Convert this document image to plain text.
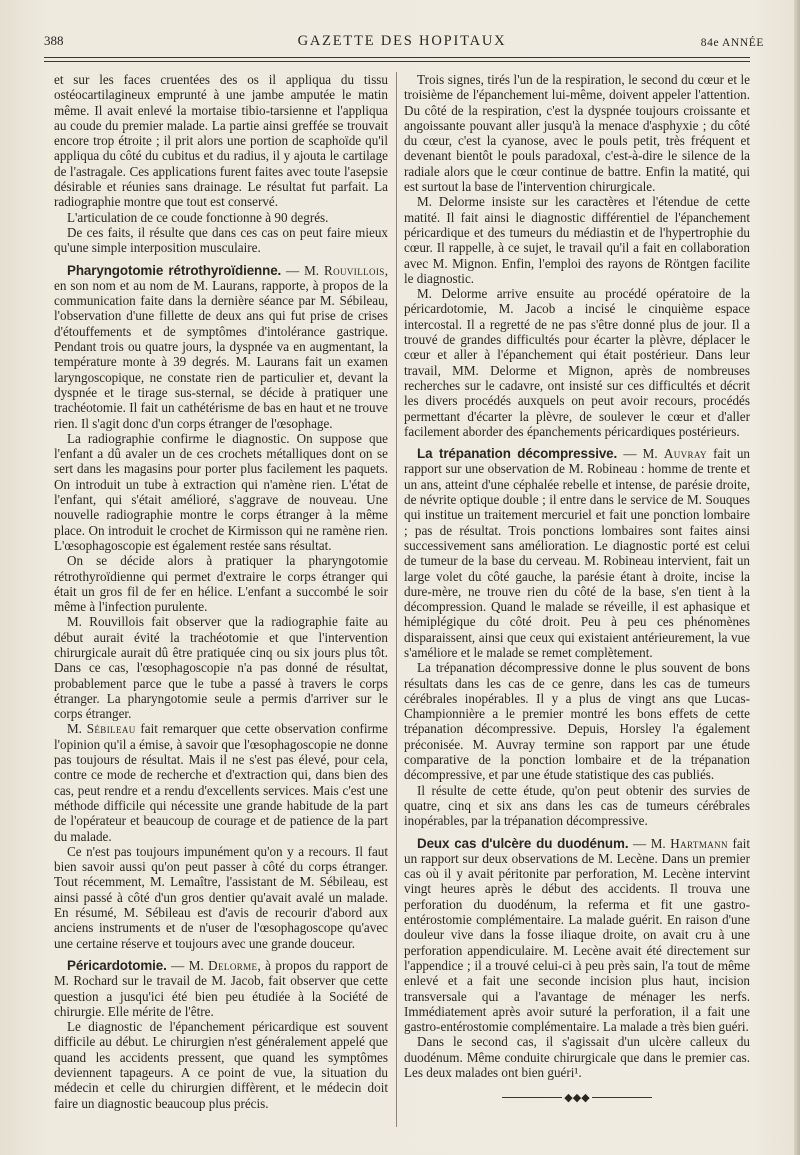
388	GAZETTE DES HOPITAUX	84e ANNÉE

et sur les faces cruentées des os il appliqua du tissu ostéocartilagineux emprunté à une jambe amputée le matin même. Il avait enlevé la mortaise tibio-tarsienne et l'appliqua au coude du premier malade. La partie ainsi greffée se trouvait encore trop étroite ; il prit alors une portion de scaphoïde qu'il appliqua du côté du cubitus et du radius, il y ajouta le cartilage de l'astragale. Ces applications furent faites avec toute l'asepsie désirable et réunies sans drainage. Le résultat fut parfait. La radiographie montre que tout est conservé.

L'articulation de ce coude fonctionne à 90 degrés.

De ces faits, il résulte que dans ces cas on peut faire mieux qu'une simple interposition musculaire.

Pharyngotomie rétrothyroïdienne. — M. Rouvillois, en son nom et au nom de M. Laurans, rapporte, à propos de la communication faite dans la dernière séance par M. Sébileau, l'observation d'une fillette de deux ans qui fut prise de crises d'étouffements et de symptômes d'intolérance gastrique. Pendant trois ou quatre jours, la dyspnée va en augmentant, la température monte à 39 degrés. M. Laurans fait un examen laryngoscopique, ne constate rien de particulier et, devant la dyspnée et le tirage sus-sternal, se décide à pratiquer une trachéotomie. Il fait un cathétérisme de bas en haut et ne trouve rien. Il s'agit donc d'un corps étranger de l'œsophage.

La radiographie confirme le diagnostic. On suppose que l'enfant a dû avaler un de ces crochets métalliques dont on se sert dans les magasins pour porter plus facilement les paquets. On introduit un tube à extraction qui n'amène rien. L'état de l'enfant, qui s'était amélioré, s'aggrave de nouveau. Une nouvelle radiographie montre le corps étranger à la même place. On introduit le crochet de Kirmisson qui ne ramène rien. L'œsophagoscopie est également restée sans résultat.

On se décide alors à pratiquer la pharyngotomie rétrothyroïdienne qui permet d'extraire le corps étranger qui était un gros fil de fer en hélice. L'enfant a succombé le soir même à l'infection purulente.

M. Rouvillois fait observer que la radiographie faite au début aurait évité la trachéotomie et que l'intervention chirurgicale aurait dû être pratiquée cinq ou six jours plus tôt. Dans ce cas, l'œsophagoscopie n'a pas donné de résultat, probablement parce que le tube a passé à travers le corps étranger. La pharyngotomie seule a permis d'arriver sur le corps étranger.

M. Sébileau fait remarquer que cette observation confirme l'opinion qu'il a émise, à savoir que l'œsophagoscopie ne donne pas toujours de résultat. Mais il ne s'est pas élevé, pour cela, contre ce mode de recherche et d'extraction qui, dans bien des cas, peut rendre et a rendu d'excellents services. Mais c'est une méthode difficile qui nécessite une grande habitude de la part de l'opérateur et beaucoup de courage et de patience de la part du malade.

Ce n'est pas toujours impunément qu'on y a recours. Il faut bien savoir aussi qu'on peut passer à côté du corps étranger. Tout récemment, M. Lemaître, l'assistant de M. Sébileau, est ainsi passé à côté d'un gros dentier qu'avait avalé un malade. En résumé, M. Sébileau est d'avis de recourir d'abord aux anciens instruments et de n'user de l'œsophagoscope qu'avec une certaine réserve et toujours avec une grande douceur.

Péricardotomie. — M. Delorme, à propos du rapport de M. Rochard sur le travail de M. Jacob, fait observer que cette question a jusqu'ici été bien peu étudiée à la Société de chirurgie. Elle mérite de l'être.

Le diagnostic de l'épanchement péricardique est souvent difficile au début. Le chirurgien n'est généralement appelé que quand les accidents pressent, que quand les symptômes deviennent tapageurs. A ce point de vue, la situation du médecin et celle du chirurgien diffèrent, et le médecin doit faire un diagnostic beaucoup plus précis.

Trois signes, tirés l'un de la respiration, le second du cœur et le troisième de l'épanchement lui-même, doivent appeler l'attention. Du côté de la respiration, c'est la dyspnée toujours croissante et angoissante pouvant aller jusqu'à la menace d'asphyxie ; du côté du cœur, c'est la cyanose, avec le pouls petit, très fréquent et devenant bientôt le pouls paradoxal, c'est-à-dire le silence de la radiale alors que le cœur continue de battre. Enfin la matité, qui est surtout la base de l'intervention chirurgicale.

M. Delorme insiste sur les caractères et l'étendue de cette matité. Il fait ainsi le diagnostic différentiel de l'épanchement péricardique et des tumeurs du médiastin et de l'hypertrophie du cœur. Il rappelle, à ce sujet, le travail qu'il a fait en collaboration avec M. Mignon. Enfin, l'emploi des rayons de Röntgen facilite le diagnostic.

M. Delorme arrive ensuite au procédé opératoire de la péricardotomie, M. Jacob a incisé le cinquième espace intercostal. Il a regretté de ne pas s'être donné plus de jour. Il a trouvé de grandes difficultés pour écarter la plèvre, déplacer le cœur et aller à l'épanchement qui était postérieur. Dans leur travail, MM. Delorme et Mignon, après de nombreuses recherches sur le cadavre, ont insisté sur ces difficultés et décrit les divers procédés auxquels on peut avoir recours, procédés permettant d'écarter la plèvre, de soulever le cœur et d'aller facilement aborder des épanchements péricardiques postérieurs.

La trépanation décompressive. — M. Auvray fait un rapport sur une observation de M. Robineau : homme de trente et un ans, atteint d'une céphalée rebelle et intense, de parésie droite, de névrite optique double ; il entre dans le service de M. Souques qui institue un traitement mercuriel et fait une ponction lombaire ; pas de résultat. Trois ponctions lombaires sont faites ainsi successivement sans amélioration. Le diagnostic porté est celui de tumeur de la base du cerveau. M. Robineau intervient, fait un large volet du côté gauche, la parésie étant à droite, incise la dure-mère, ne trouve rien du côté de la base, s'en tient à la décompression. Quand le malade se réveille, il est aphasique et hémiplégique du côté droit. Peu à peu ces phénomènes disparaissent, ainsi que ceux qui existaient antérieurement, la vue s'améliore et le malade se remet complètement.

La trépanation décompressive donne le plus souvent de bons résultats dans les cas de ce genre, dans les cas de tumeurs cérébrales inopérables. Il y a plus de vingt ans que Lucas-Championnière a le premier montré les bons effets de cette trépanation décompressive. Depuis, Horsley l'a également préconisée. M. Auvray termine son rapport par une étude comparative de la ponction lombaire et de la trépanation décompressive, et par une étude statistique des cas publiés.

Il résulte de cette étude, qu'on peut obtenir des survies de quatre, cinq et six ans dans les cas de tumeurs cérébrales inopérables, par la trépanation décompressive.

Deux cas d'ulcère du duodénum. — M. Hartmann fait un rapport sur deux observations de M. Lecène. Dans un premier cas où il y avait péritonite par perforation, M. Lecène intervint vingt heures après le début des accidents. Il trouva une perforation du duodénum, la referma et fit une gastro-entérostomie complémentaire. La malade guérit. En raison d'une douleur vive dans la fosse iliaque droite, on avait cru à une perforation appendiculaire. M. Lecène avait été directement sur l'appendice ; il a trouvé celui-ci à peu près sain, l'a tout de même enlevé et a fait une seconde incision plus haut, incision transversale qui a l'avantage de ménager les nerfs. Immédiatement après avoir suturé la perforation, il a fait une gastro-entérostomie complémentaire. La malade a très bien guéri.

Dans le second cas, il s'agissait d'un ulcère calleux du duodénum. Même conduite chirurgicale que dans le premier cas. Les deux malades ont bien guéri¹.

◆◆◆
